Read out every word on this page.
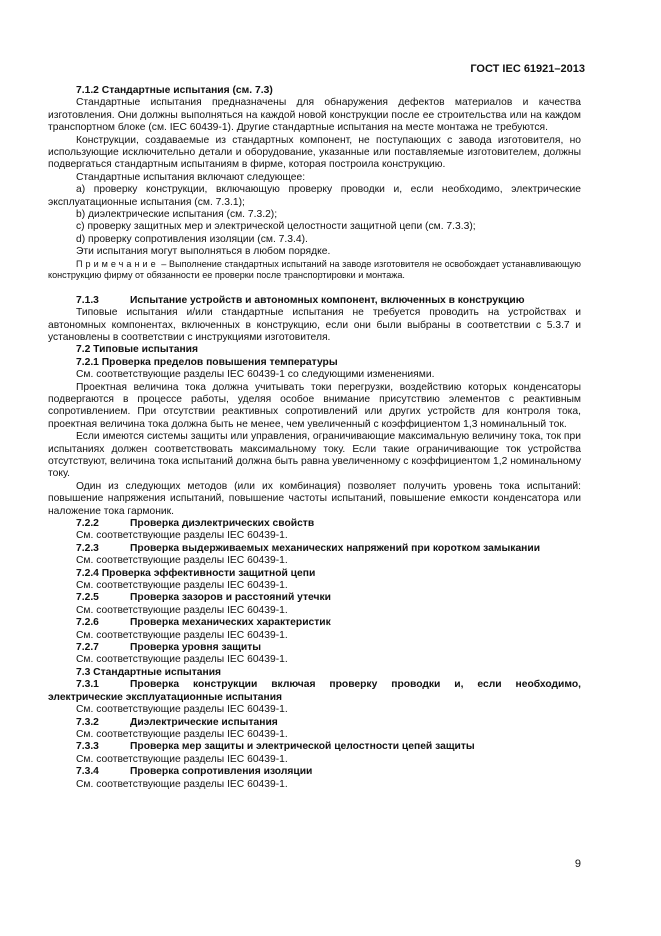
ГОСТ IEC 61921–2013

7.1.2 Стандартные испытания (см. 7.3)

Стандартные испытания предназначены для обнаружения дефектов материалов и качества изготовления. Они должны выполняться на каждой новой конструкции после ее строительства или на каждом транспортном блоке (см. IEC 60439-1). Другие стандартные испытания на месте монтажа не требуются.

Конструкции, создаваемые из стандартных компонент, не поступающих с завода изготовителя, но использующие исключительно детали и оборудование, указанные или поставляемые изготовителем, должны подвергаться стандартным испытаниям в фирме, которая построила конструкцию.

Стандартные испытания включают следующее:

a) проверку конструкции, включающую проверку проводки и, если необходимо, электрические эксплуатационные испытания (см. 7.3.1);

b) диэлектрические испытания (см. 7.3.2);

c) проверку защитных мер и электрической целостности защитной цепи (см. 7.3.3);

d) проверку сопротивления изоляции (см. 7.3.4).

Эти испытания могут выполняться в любом порядке.

Примечание – Выполнение стандартных испытаний на заводе изготовителя не освобождает устанавливающую конструкцию фирму от обязанности ее проверки после транспортировки и монтажа.

7.1.3	Испытание устройств и автономных компонент, включенных в конструкцию

Типовые испытания и/или стандартные испытания не требуется проводить на устройствах и автономных компонентах, включенных в конструкцию, если они были выбраны в соответствии с 5.3.7 и установлены в соответствии с инструкциями изготовителя.

7.2 Типовые испытания

7.2.1 Проверка пределов повышения температуры

См. соответствующие разделы IEC 60439-1 со следующими изменениями.

Проектная величина тока должна учитывать токи перегрузки, воздействию которых конденсаторы подвергаются в процессе работы, уделяя особое внимание присутствию элементов с реактивным сопротивлением. При отсутствии реактивных сопротивлений или других устройств для контроля тока, проектная величина тока должна быть не менее, чем увеличенный с коэффициентом 1,3 номинальный ток.

Если имеются системы защиты или управления, ограничивающие максимальную величину тока, ток при испытаниях должен соответствовать максимальному току. Если такие ограничивающие ток устройства отсутствуют, величина тока испытаний должна быть равна увеличенному с коэффициентом 1,2 номинальному току.

Один из следующих методов (или их комбинация) позволяет получить уровень тока испытаний: повышение напряжения испытаний, повышение частоты испытаний, повышение емкости конденсатора или наложение тока гармоник.

7.2.2	Проверка диэлектрических свойств

См. соответствующие разделы IEC 60439-1.

7.2.3	Проверка выдерживаемых механических напряжений при коротком замыкании

См. соответствующие разделы IEC 60439-1.

7.2.4 Проверка эффективности защитной цепи

См. соответствующие разделы IEC 60439-1.

7.2.5	Проверка зазоров и расстояний утечки

См. соответствующие разделы IEC 60439-1.

7.2.6	Проверка механических характеристик

См. соответствующие разделы IEC 60439-1.

7.2.7	Проверка уровня защиты

См. соответствующие разделы IEC 60439-1.

7.3 Стандартные испытания

7.3.1	Проверка конструкции включая проверку проводки и, если необходимо,

электрические эксплуатационные испытания

См. соответствующие разделы IEC 60439-1.

7.3.2	Диэлектрические испытания

См. соответствующие разделы IEC 60439-1.

7.3.3	Проверка мер защиты и электрической целостности цепей защиты

См. соответствующие разделы IEC 60439-1.

7.3.4	Проверка сопротивления изоляции

См. соответствующие разделы IEC 60439-1.

9
